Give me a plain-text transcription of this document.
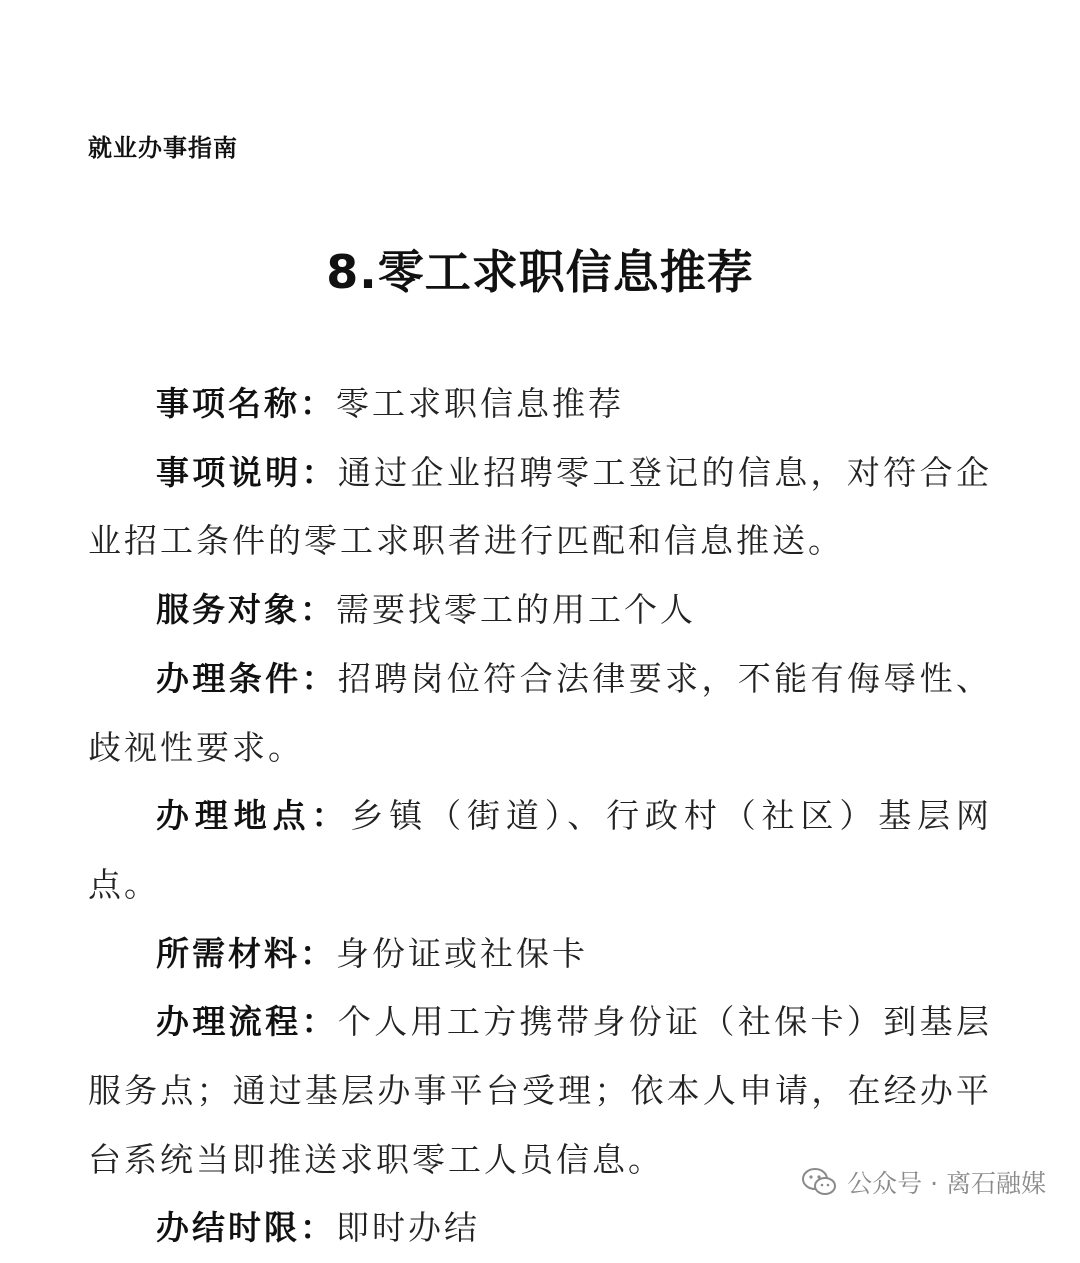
就业办事指南
8.零工求职信息推荐

事项名称：零工求职信息推荐

事项说明：通过企业招聘零工登记的信息，对符合企业招工条件的零工求职者进行匹配和信息推送。

服务对象：需要找零工的用工个人

办理条件：招聘岗位符合法律要求，不能有侮辱性、歧视性要求。

办理地点：乡镇（街道）、行政村（社区）基层网点。

所需材料：身份证或社保卡

办理流程：个人用工方携带身份证（社保卡）到基层服务点；通过基层办事平台受理；依本人申请，在经办平台系统当即推送求职零工人员信息。

办结时限：即时办结

公众号 · 离石融媒
